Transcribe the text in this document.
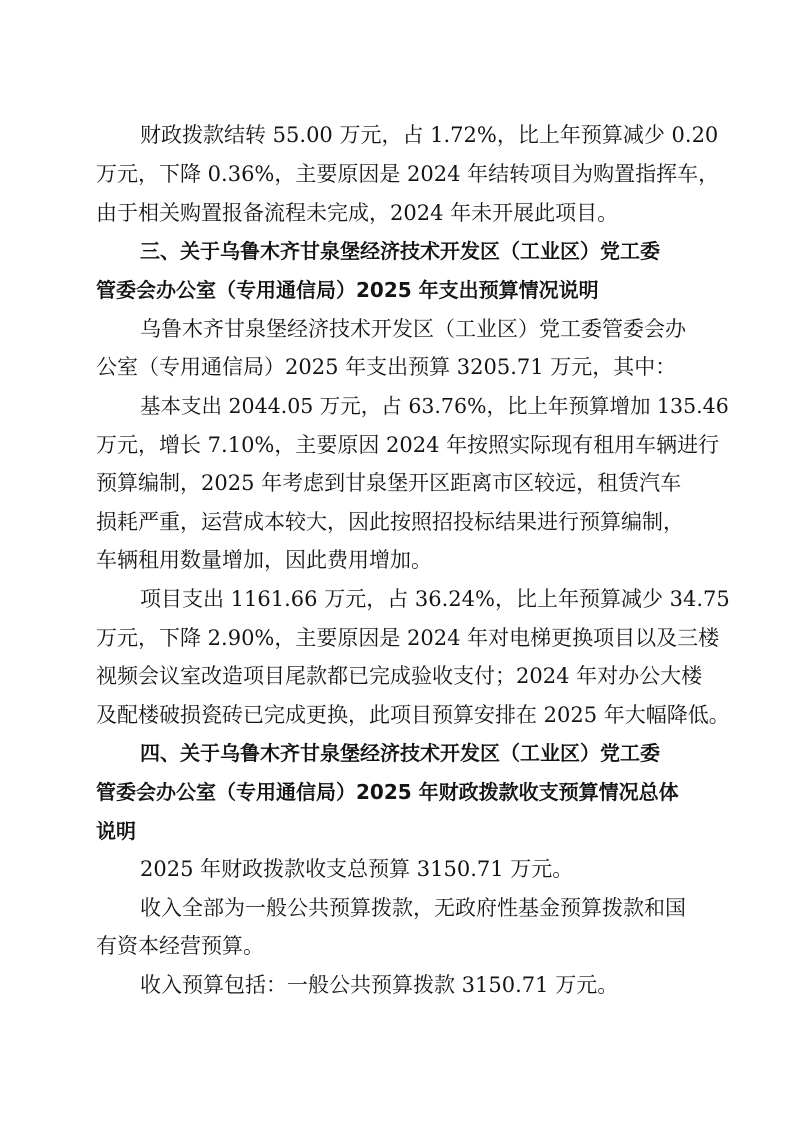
财政拨款结转 55.00 万元，占 1.72%，比上年预算减少 0.20
万元，下降 0.36%，主要原因是 2024 年结转项目为购置指挥车，
由于相关购置报备流程未完成，2024 年未开展此项目。
三、关于乌鲁木齐甘泉堡经济技术开发区（工业区）党工委
管委会办公室（专用通信局）2025 年支出预算情况说明
乌鲁木齐甘泉堡经济技术开发区（工业区）党工委管委会办
公室（专用通信局）2025 年支出预算 3205.71 万元，其中：
基本支出 2044.05 万元，占 63.76%，比上年预算增加 135.46
万元，增长 7.10%，主要原因 2024 年按照实际现有租用车辆进行
预算编制，2025 年考虑到甘泉堡开区距离市区较远，租赁汽车
损耗严重，运营成本较大，因此按照招投标结果进行预算编制，
车辆租用数量增加，因此费用增加。
项目支出 1161.66 万元，占 36.24%，比上年预算减少 34.75
万元，下降 2.90%，主要原因是 2024 年对电梯更换项目以及三楼
视频会议室改造项目尾款都已完成验收支付；2024 年对办公大楼
及配楼破损瓷砖已完成更换，此项目预算安排在 2025 年大幅降低。
四、关于乌鲁木齐甘泉堡经济技术开发区（工业区）党工委
管委会办公室（专用通信局）2025 年财政拨款收支预算情况总体
说明
2025 年财政拨款收支总预算 3150.71 万元。
收入全部为一般公共预算拨款，无政府性基金预算拨款和国
有资本经营预算。
收入预算包括：一般公共预算拨款 3150.71 万元。
